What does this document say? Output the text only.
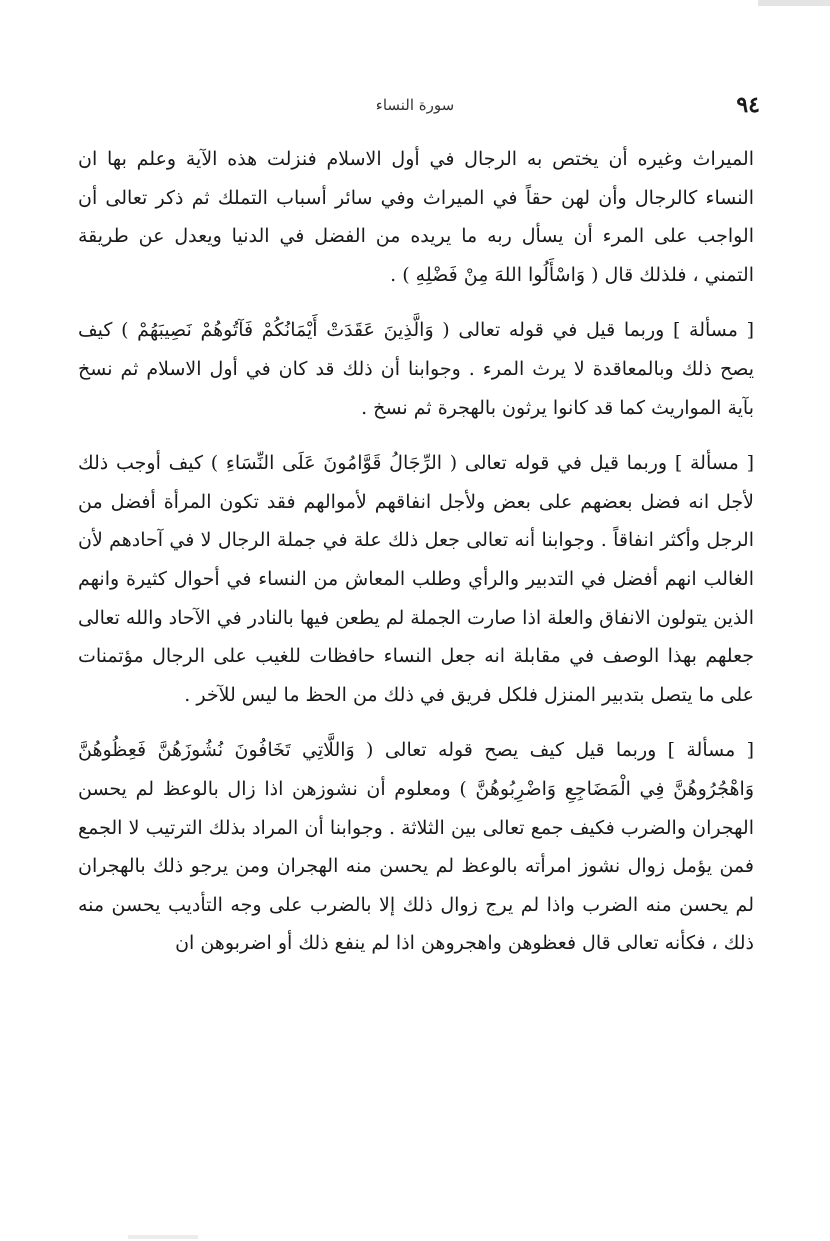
سورة النساء	٩٤

الميراث وغيره أن يختص به الرجال في أول الاسلام فنزلت هذه الآية وعلم بها ان النساء كالرجال وأن لهن حقاً في الميراث وفي سائر أسباب التملك ثم ذكر تعالى أن الواجب على المرء أن يسأل ربه ما يريده من الفضل في الدنيا ويعدل عن طريقة التمني ، فلذلك قال ( وَاسْأَلُوا اللهَ مِنْ فَضْلِهِ ) .

[ مسألة ] وربما قيل في قوله تعالى ( وَالَّذِينَ عَقَدَتْ أَيْمَانُكُمْ فَآتُوهُمْ نَصِيبَهُمْ ) كيف يصح ذلك وبالمعاقدة لا يرث المرء . وجوابنا أن ذلك قد كان في أول الاسلام ثم نسخ بآية المواريث كما قد كانوا يرثون بالهجرة ثم نسخ .

[ مسألة ] وربما قيل في قوله تعالى ( الرِّجَالُ قَوَّامُونَ عَلَى النِّسَاءِ ) كيف أوجب ذلك لأجل انه فضل بعضهم على بعض ولأجل انفاقهم لأموالهم فقد تكون المرأة أفضل من الرجل وأكثر انفاقاً . وجوابنا أنه تعالى جعل ذلك علة في جملة الرجال لا في آحادهم لأن الغالب انهم أفضل في التدبير والرأي وطلب المعاش من النساء في أحوال كثيرة وانهم الذين يتولون الانفاق والعلة اذا صارت الجملة لم يطعن فيها بالنادر في الآحاد والله تعالى جعلهم بهذا الوصف في مقابلة انه جعل النساء حافظات للغيب على الرجال مؤتمنات على ما يتصل بتدبير المنزل فلكل فريق في ذلك من الحظ ما ليس للآخر .

[ مسألة ] وربما قيل كيف يصح قوله تعالى ( وَاللَّاتِي تَخَافُونَ نُشُوزَهُنَّ فَعِظُوهُنَّ وَاهْجُرُوهُنَّ فِي الْمَضَاجِعِ وَاضْرِبُوهُنَّ ) ومعلوم أن نشوزهن اذا زال بالوعظ لم يحسن الهجران والضرب فكيف جمع تعالى بين الثلاثة . وجوابنا أن المراد بذلك الترتيب لا الجمع فمن يؤمل زوال نشوز امرأته بالوعظ لم يحسن منه الهجران ومن يرجو ذلك بالهجران لم يحسن منه الضرب واذا لم يرج زوال ذلك إلا بالضرب على وجه التأديب يحسن منه ذلك ، فكأنه تعالى قال فعظوهن واهجروهن اذا لم ينفع ذلك أو اضربوهن ان
